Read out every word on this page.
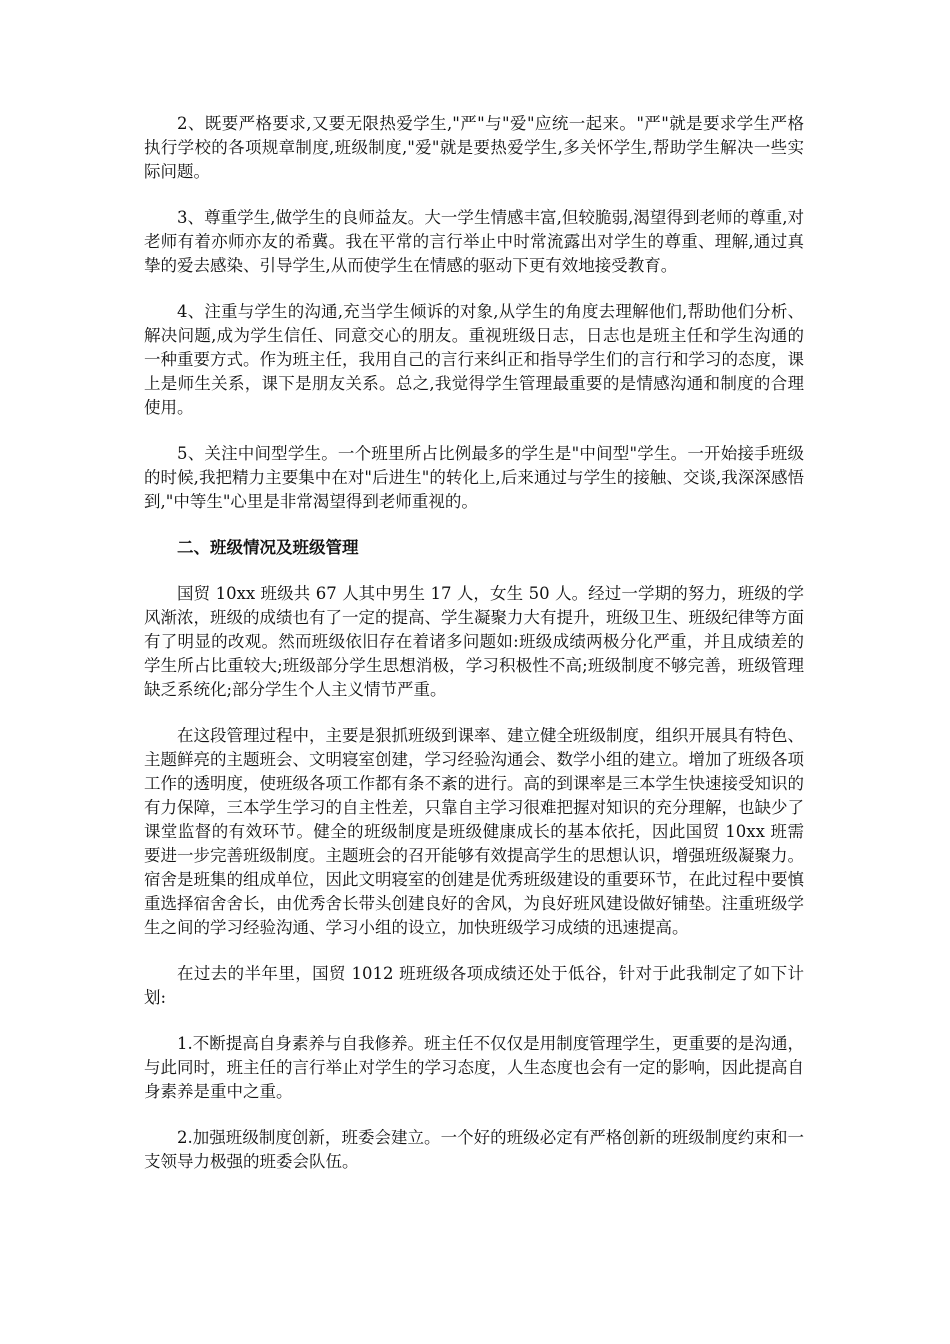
2、既要严格要求,又要无限热爱学生,"严"与"爱"应统一起来。"严"就是要求学生严格执行学校的各项规章制度,班级制度,"爱"就是要热爱学生,多关怀学生,帮助学生解决一些实际问题。

3、尊重学生,做学生的良师益友。大一学生情感丰富,但较脆弱,渴望得到老师的尊重,对老师有着亦师亦友的希冀。我在平常的言行举止中时常流露出对学生的尊重、理解,通过真挚的爱去感染、引导学生,从而使学生在情感的驱动下更有效地接受教育。

4、注重与学生的沟通,充当学生倾诉的对象,从学生的角度去理解他们,帮助他们分析、解决问题,成为学生信任、同意交心的朋友。重视班级日志，日志也是班主任和学生沟通的一种重要方式。作为班主任，我用自己的言行来纠正和指导学生们的言行和学习的态度，课上是师生关系，课下是朋友关系。总之,我觉得学生管理最重要的是情感沟通和制度的合理使用。

5、关注中间型学生。一个班里所占比例最多的学生是"中间型"学生。一开始接手班级的时候,我把精力主要集中在对"后进生"的转化上,后来通过与学生的接触、交谈,我深深感悟到,"中等生"心里是非常渴望得到老师重视的。

二、班级情况及班级管理

国贸 10xx 班级共 67 人其中男生 17 人，女生 50 人。经过一学期的努力，班级的学风渐浓，班级的成绩也有了一定的提高、学生凝聚力大有提升，班级卫生、班级纪律等方面有了明显的改观。然而班级依旧存在着诸多问题如:班级成绩两极分化严重，并且成绩差的学生所占比重较大;班级部分学生思想消极，学习积极性不高;班级制度不够完善，班级管理缺乏系统化;部分学生个人主义情节严重。

在这段管理过程中，主要是狠抓班级到课率、建立健全班级制度，组织开展具有特色、主题鲜亮的主题班会、文明寝室创建，学习经验沟通会、数学小组的建立。增加了班级各项工作的透明度，使班级各项工作都有条不紊的进行。高的到课率是三本学生快速接受知识的有力保障，三本学生学习的自主性差，只靠自主学习很难把握对知识的充分理解，也缺少了课堂监督的有效环节。健全的班级制度是班级健康成长的基本依托，因此国贸 10xx 班需要进一步完善班级制度。主题班会的召开能够有效提高学生的思想认识，增强班级凝聚力。宿舍是班集的组成单位，因此文明寝室的创建是优秀班级建设的重要环节，在此过程中要慎重选择宿舍舍长，由优秀舍长带头创建良好的舍风，为良好班风建设做好铺垫。注重班级学生之间的学习经验沟通、学习小组的设立，加快班级学习成绩的迅速提高。

在过去的半年里，国贸 1012 班班级各项成绩还处于低谷，针对于此我制定了如下计划:

1.不断提高自身素养与自我修养。班主任不仅仅是用制度管理学生，更重要的是沟通，与此同时，班主任的言行举止对学生的学习态度，人生态度也会有一定的影响，因此提高自身素养是重中之重。

2.加强班级制度创新，班委会建立。一个好的班级必定有严格创新的班级制度约束和一支领导力极强的班委会队伍。
